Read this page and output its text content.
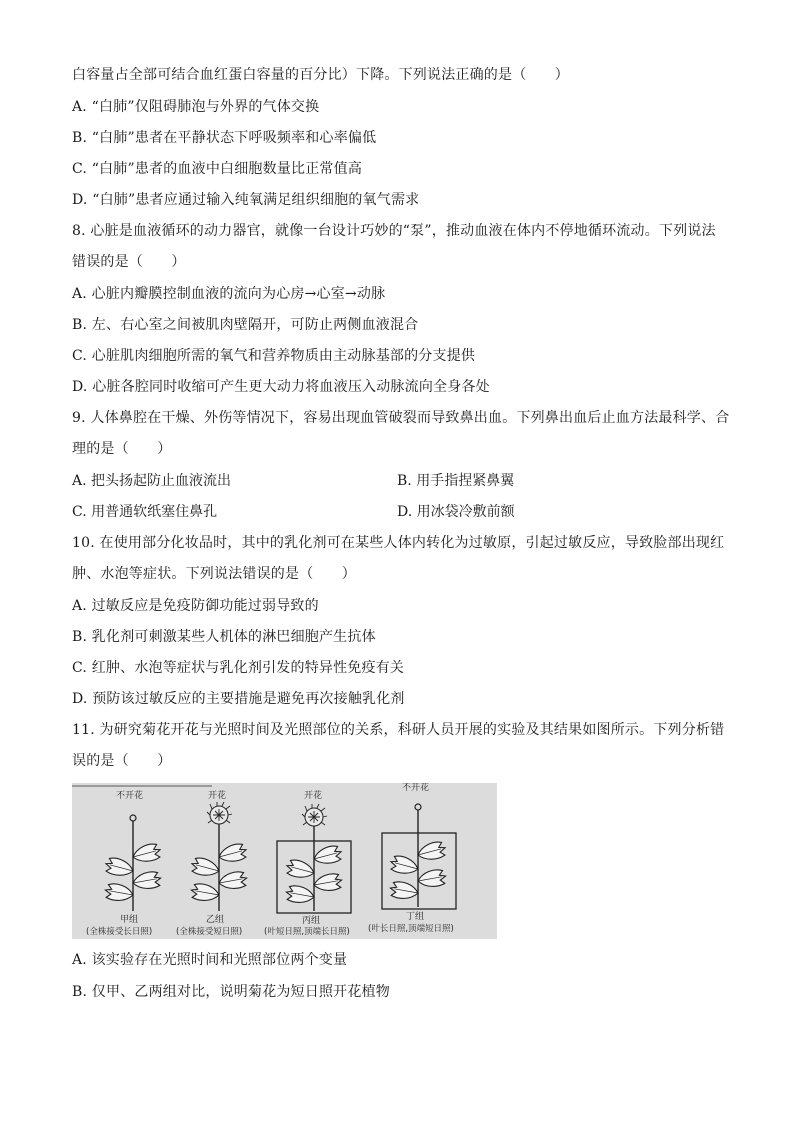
白容量占全部可结合血红蛋白容量的百分比）下降。下列说法正确的是（　　）
A. “白肺”仅阻碍肺泡与外界的气体交换
B. “白肺”患者在平静状态下呼吸频率和心率偏低
C. “白肺”患者的血液中白细胞数量比正常值高
D. “白肺”患者应通过输入纯氧满足组织细胞的氧气需求
8. 心脏是血液循环的动力器官，就像一台设计巧妙的“泵”，推动血液在体内不停地循环流动。下列说法
错误的是（　　）
A. 心脏内瓣膜控制血液的流向为心房→心室→动脉
B. 左、右心室之间被肌肉壁隔开，可防止两侧血液混合
C. 心脏肌肉细胞所需的氧气和营养物质由主动脉基部的分支提供
D. 心脏各腔同时收缩可产生更大动力将血液压入动脉流向全身各处
9. 人体鼻腔在干燥、外伤等情况下，容易出现血管破裂而导致鼻出血。下列鼻出血后止血方法最科学、合
理的是（　　）
A. 把头扬起防止血液流出	B. 用手指捏紧鼻翼
C. 用普通软纸塞住鼻孔	D. 用冰袋冷敷前额
10. 在使用部分化妆品时，其中的乳化剂可在某些人体内转化为过敏原，引起过敏反应，导致脸部出现红
肿、水泡等症状。下列说法错误的是（　　）
A. 过敏反应是免疫防御功能过弱导致的
B. 乳化剂可刺激某些人机体的淋巴细胞产生抗体
C. 红肿、水泡等症状与乳化剂引发的特异性免疫有关
D. 预防该过敏反应的主要措施是避免再次接触乳化剂
11. 为研究菊花开花与光照时间及光照部位的关系，科研人员开展的实验及其结果如图所示。下列分析错
误的是（　　）
不开花
甲组
(全株接受长日照)
开花
乙组
(全株接受短日照)
开花
丙组
(叶短日照,顶端长日照)
不开花
丁组
(叶长日照,顶端短日照)
A. 该实验存在光照时间和光照部位两个变量
B. 仅甲、乙两组对比，说明菊花为短日照开花植物
